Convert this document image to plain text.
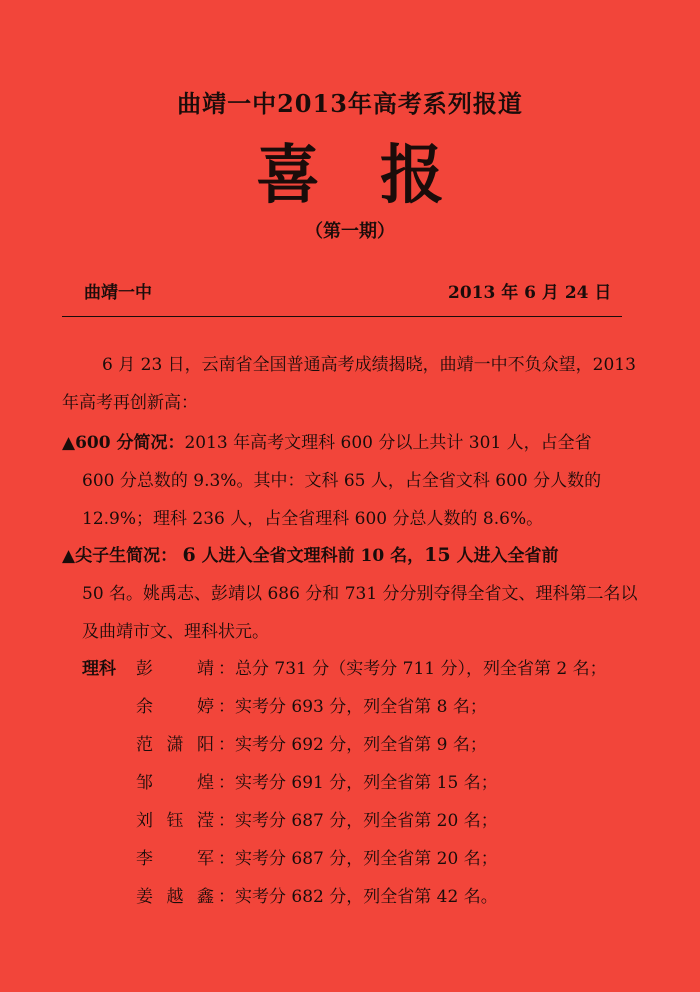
曲靖一中2013年高考系列报道
喜报
（第一期）
曲靖一中	2013 年 6 月 24 日
6 月 23 日，云南省全国普通高考成绩揭晓，曲靖一中不负众望，2013 年高考再创新高：
▲600 分简况：2013 年高考文理科 600 分以上共计 301 人，占全省
600 分总数的 9.3%。其中：文科 65 人，占全省文科 600 分人数的 12.9%；理科 236 人，占全省理科 600 分总人数的 8.6%。
▲尖子生简况： 6 人进入全省文理科前 10 名，15 人进入全省前
50 名。姚禹志、彭靖以 686 分和 731 分分别夺得全省文、理科第二名以及曲靖市文、理科状元。
理科 彭靖 ：总分 731 分（实考分 711 分），列全省第 2 名；
余婷 ：实考分 693 分，列全省第 8 名；
范潇阳 ：实考分 692 分，列全省第 9 名；
邹煌 ：实考分 691 分，列全省第 15 名；
刘钰滢 ：实考分 687 分，列全省第 20 名；
李军 ：实考分 687 分，列全省第 20 名；
姜越鑫 ：实考分 682 分，列全省第 42 名。
